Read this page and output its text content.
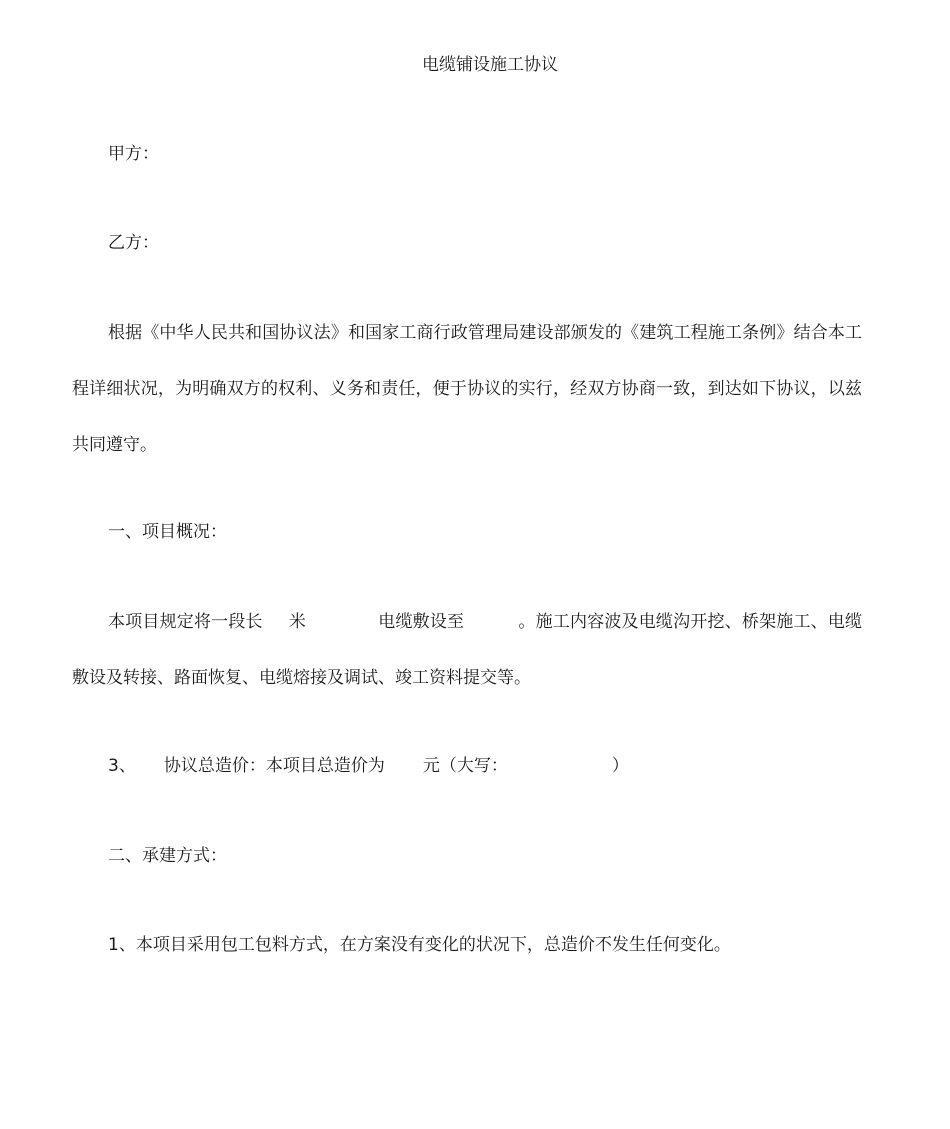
电缆铺设施工协议
甲方：
乙方：
根据《中华人民共和国协议法》和国家工商行政管理局建设部颁发的《建筑工程施工条例》结合本工程详细状况，为明确双方的权利、义务和责任，便于协议的实行，经双方协商一致，到达如下协议，以兹共同遵守。
一、项目概况：
本项目规定将一段长 米	电缆敷设至	。施工内容波及电缆沟开挖、桥架施工、电缆敷设及转接、路面恢复、电缆熔接及调试、竣工资料提交等。
3、 协议总造价：本项目总造价为 元（大写：	）
二、承建方式：
1、本项目采用包工包料方式，在方案没有变化的状况下，总造价不发生任何变化。
